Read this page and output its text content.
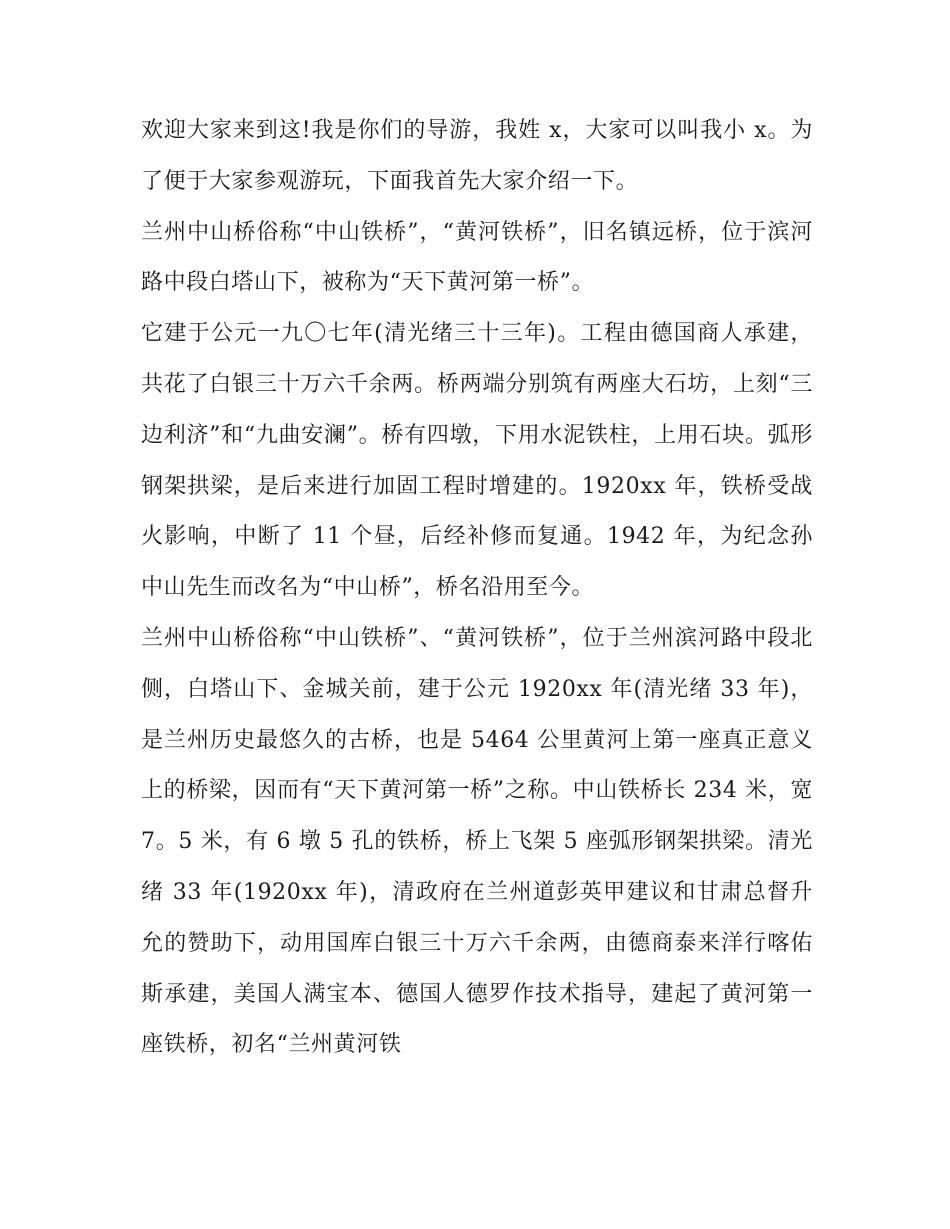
欢迎大家来到这!我是你们的导游，我姓 x，大家可以叫我小 x。为了便于大家参观游玩，下面我首先大家介绍一下。

兰州中山桥俗称“中山铁桥”，“黄河铁桥”，旧名镇远桥，位于滨河路中段白塔山下，被称为“天下黄河第一桥”。

它建于公元一九〇七年(清光绪三十三年)。工程由德国商人承建，共花了白银三十万六千余两。桥两端分别筑有两座大石坊，上刻“三边利济”和“九曲安澜”。桥有四墩，下用水泥铁柱，上用石块。弧形钢架拱梁，是后来进行加固工程时增建的。1920xx 年，铁桥受战火影响，中断了 11 个昼，后经补修而复通。1942 年，为纪念孙中山先生而改名为“中山桥”，桥名沿用至今。

兰州中山桥俗称“中山铁桥”、“黄河铁桥”，位于兰州滨河路中段北侧，白塔山下、金城关前，建于公元 1920xx 年(清光绪 33 年)，是兰州历史最悠久的古桥，也是 5464 公里黄河上第一座真正意义上的桥梁，因而有“天下黄河第一桥”之称。中山铁桥长 234 米，宽 7。5 米，有 6 墩 5 孔的铁桥，桥上飞架 5 座弧形钢架拱梁。清光绪 33 年(1920xx 年)，清政府在兰州道彭英甲建议和甘肃总督升允的赞助下，动用国库白银三十万六千余两，由德商泰来洋行喀佑斯承建，美国人满宝本、德国人德罗作技术指导，建起了黄河第一座铁桥，初名“兰州黄河铁
